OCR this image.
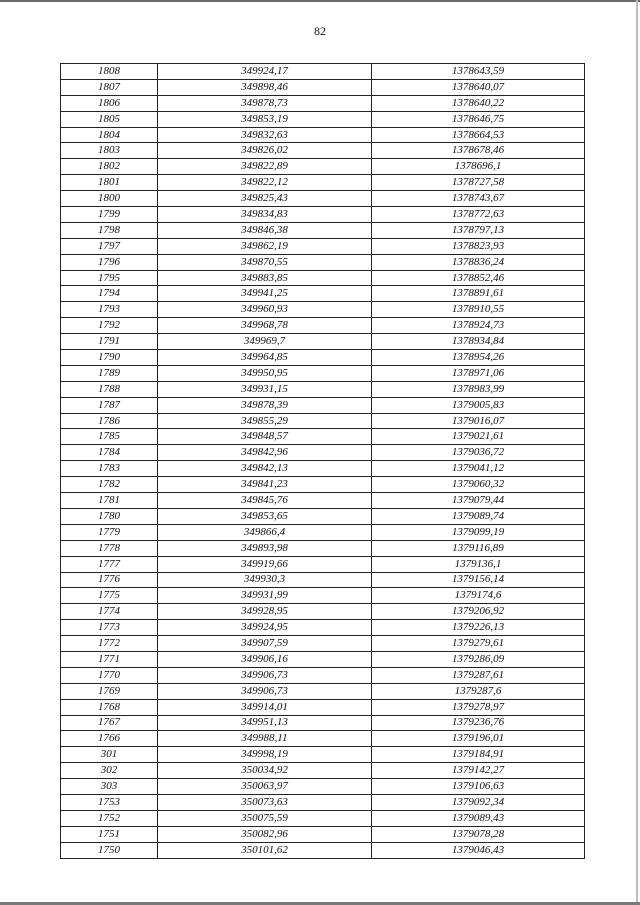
82
1808	349924,17	1378643,59
1807	349898,46	1378640,07
1806	349878,73	1378640,22
1805	349853,19	1378646,75
1804	349832,63	1378664,53
1803	349826,02	1378678,46
1802	349822,89	1378696,1
1801	349822,12	1378727,58
1800	349825,43	1378743,67
1799	349834,83	1378772,63
1798	349846,38	1378797,13
1797	349862,19	1378823,93
1796	349870,55	1378836,24
1795	349883,85	1378852,46
1794	349941,25	1378891,61
1793	349960,93	1378910,55
1792	349968,78	1378924,73
1791	349969,7	1378934,84
1790	349964,85	1378954,26
1789	349950,95	1378971,06
1788	349931,15	1378983,99
1787	349878,39	1379005,83
1786	349855,29	1379016,07
1785	349848,57	1379021,61
1784	349842,96	1379036,72
1783	349842,13	1379041,12
1782	349841,23	1379060,32
1781	349845,76	1379079,44
1780	349853,65	1379089,74
1779	349866,4	1379099,19
1778	349893,98	1379116,89
1777	349919,66	1379136,1
1776	349930,3	1379156,14
1775	349931,99	1379174,6
1774	349928,95	1379206,92
1773	349924,95	1379226,13
1772	349907,59	1379279,61
1771	349906,16	1379286,09
1770	349906,73	1379287,61
1769	349906,73	1379287,6
1768	349914,01	1379278,97
1767	349951,13	1379236,76
1766	349988,11	1379196,01
301	349998,19	1379184,91
302	350034,92	1379142,27
303	350063,97	1379106,63
1753	350073,63	1379092,34
1752	350075,59	1379089,43
1751	350082,96	1379078,28
1750	350101,62	1379046,43
